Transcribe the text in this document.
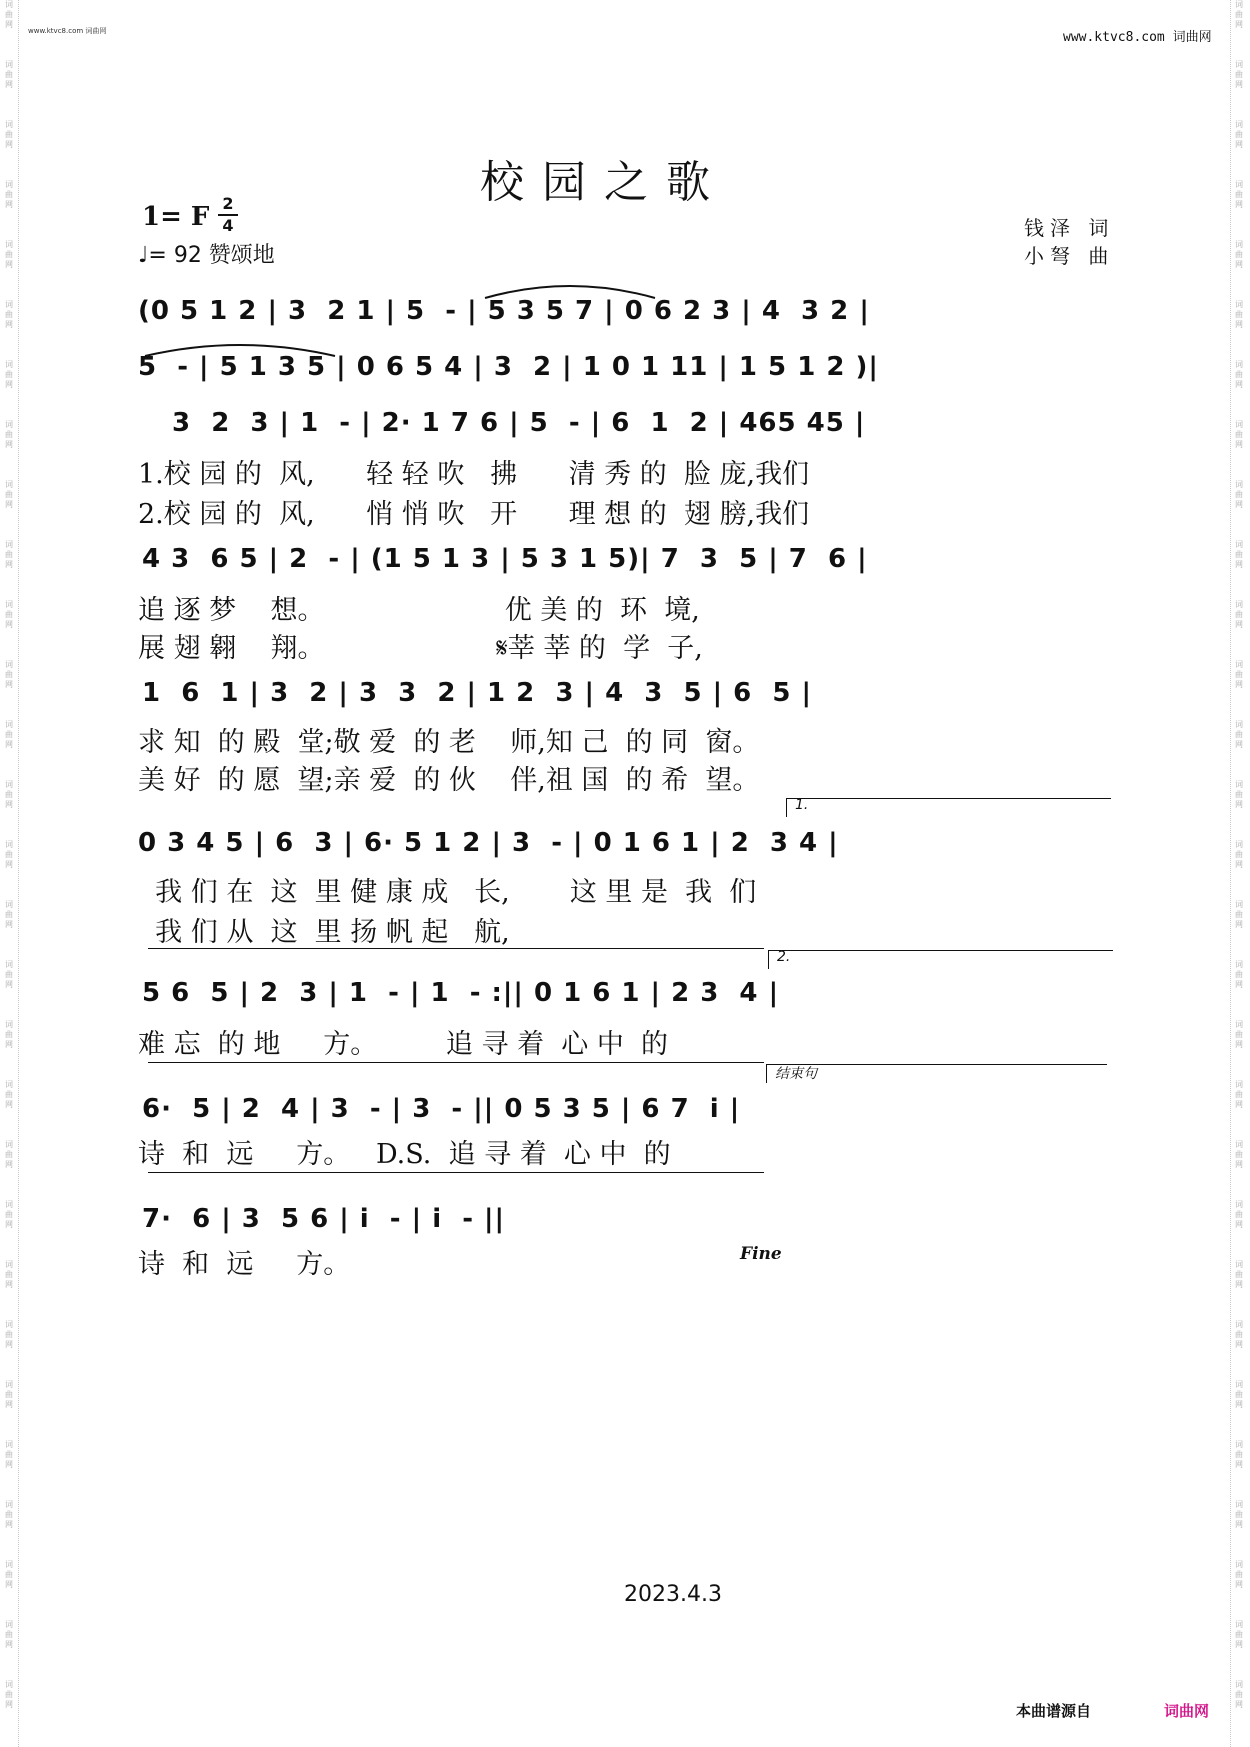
词
曲
网
词
曲
网
词
曲
网
词
曲
网
词
曲
网
词
曲
网
词
曲
网
词
曲
网
词
曲
网
词
曲
网
词
曲
网
词
曲
网
词
曲
网
词
曲
网
词
曲
网
词
曲
网
词
曲
网
词
曲
网
词
曲
网
词
曲
网
词
曲
网
词
曲
网
词
曲
网
词
曲
网
词
曲
网
词
曲
网
词
曲
网
词
曲
网
词
曲
网
词
曲
网
词
曲
网
词
曲
网
词
曲
网
词
曲
网
词
曲
网
词
曲
网
词
曲
网
词
曲
网
词
曲
网
词
曲
网
词
曲
网
词
曲
网
词
曲
网
词
曲
网
词
曲
网
词
曲
网
词
曲
网
词
曲
网
词
曲
网
词
曲
网
词
曲
网
词
曲
网
词
曲
网
词
曲
网
词
曲
网
词
曲
网
词
曲
网
词
曲
网
www.ktvc8.com 词曲网	www.ktvc8.com 词曲网
校园之歌
1= F 2
4
♩= 92 赞颂地
钱泽 词
小弩 曲
(0 5 1 2 | 3  2 1 | 5  - | 5 3 5 7 | 0 6 2 3 | 4  3 2 |
5  - | 5 1 3 5 | 0 6 5 4 | 3  2 | 1 0 1 11 | 1 5 1 2 )|
3  2  3 | 1  - | 2· 1 7 6 | 5  - | 6  1  2 | 465 45 |
1.校 园 的  风,      轻 轻 吹   拂      清 秀 的  脸 庞,我们
2.校 园 的  风,      悄 悄 吹   开      理 想 的  翅 膀,我们
4 3  6 5 | 2  - | (1 5 1 3 | 5 3 1 5)| 7  3  5 | 7  6 |
追 逐 梦    想。                     优 美 的  环  境,
展 翅 翱    翔。                    𝄋莘 莘 的  学  子,
1  6  1 | 3  2 | 3  3  2 | 1 2  3 | 4  3  5 | 6  5 |
求 知  的 殿  堂;敬 爱  的 老    师,知 己  的 同  窗。
美 好  的 愿  望;亲 爱  的 伙    伴,祖 国  的 希  望。
1.
0 3 4 5 | 6  3 | 6· 5 1 2 | 3  - | 0 1 6 1 | 2  3 4 |
我 们 在  这  里 健 康 成   长,       这 里 是  我  们
我 们 从  这  里 扬 帆 起   航,
2.
5 6  5 | 2  3 | 1  - | 1  - :|| 0 1 6 1 | 2 3  4 |
难 忘  的 地     方。        追 寻 着  心 中  的
结束句
6·  5 | 2  4 | 3  - | 3  - || 0 5 3 5 | 6 7  i |
诗  和  远     方。   D.S.  追 寻 着  心 中  的
7·  6 | 3  5 6 | i  - | i  - ||
诗  和  远     方。	Fine
2023.4.3
本曲谱源自	词曲网
